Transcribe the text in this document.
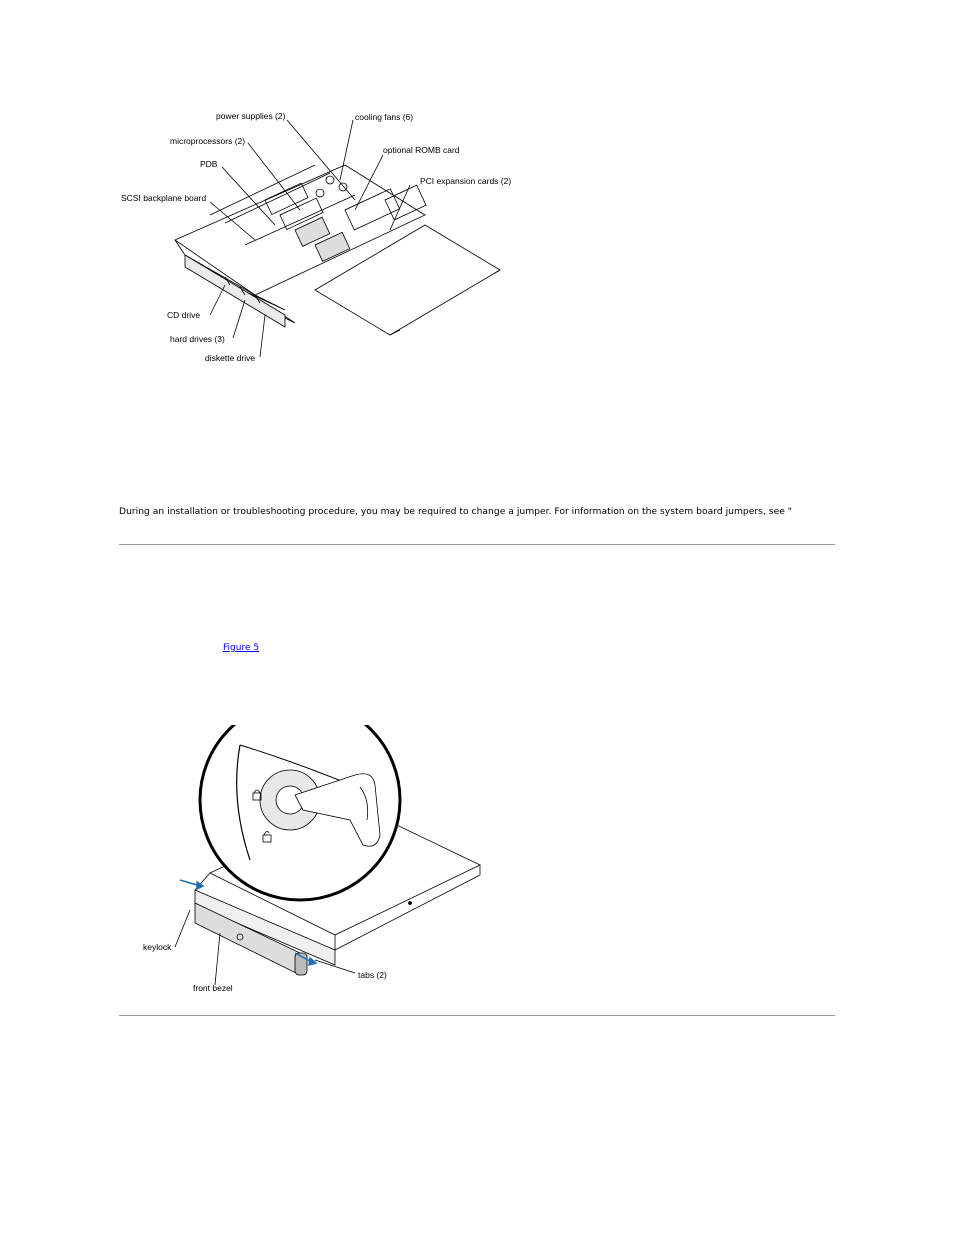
power supplies (2)	cooling fans (6)
microprocessors (2)
optional ROMB card
PDB
PCI expansion cards (2)
SCSI backplane board
CD drive
hard drives (3)
diskette drive
During an installation or troubleshooting procedure, you may be required to change a jumper. For information on the system board jumpers, see "
Figure 5
keylock
tabs (2)
front bezel
